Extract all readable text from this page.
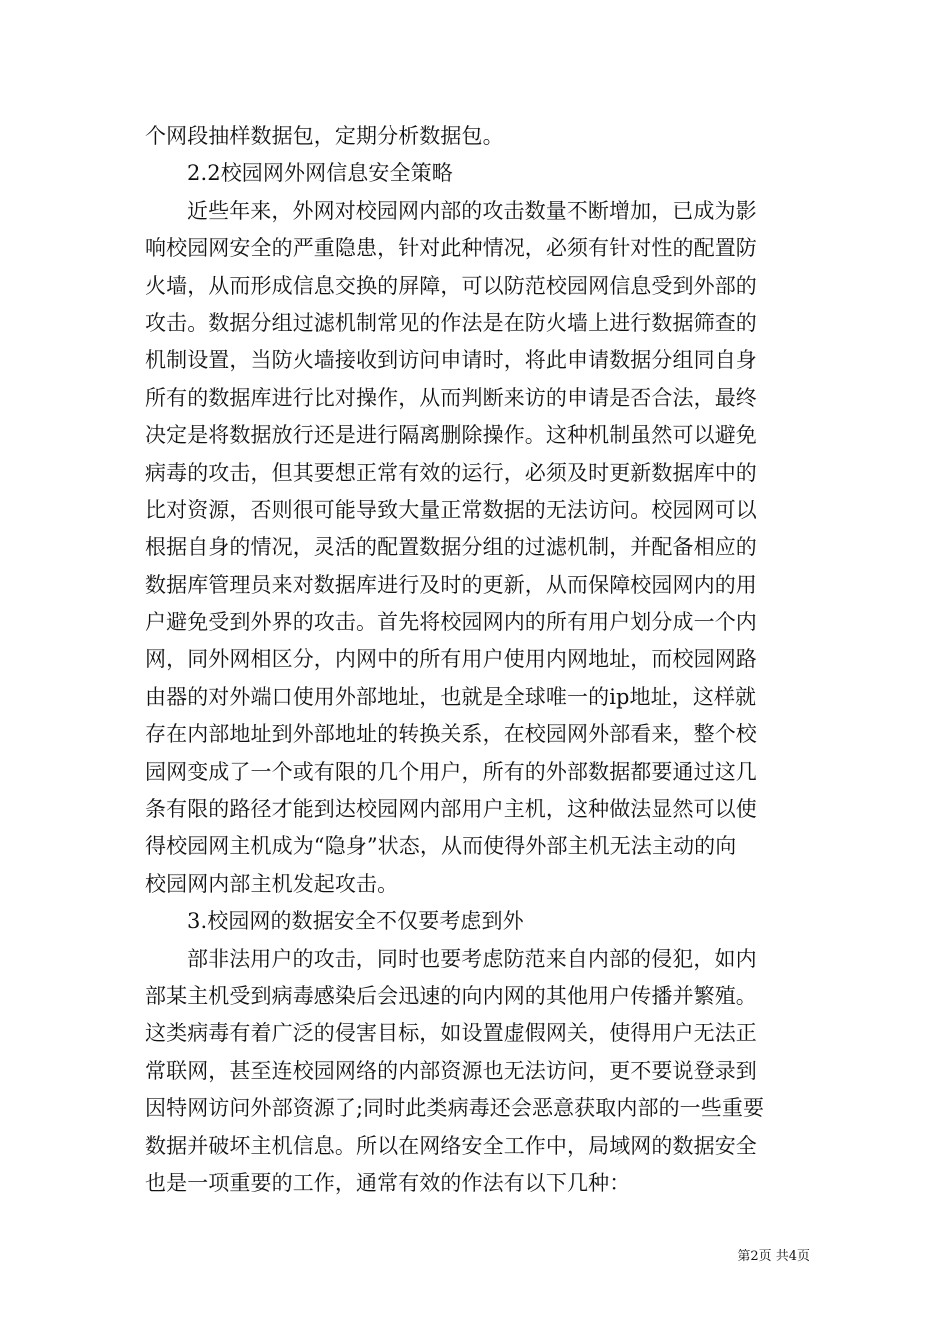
个网段抽样数据包，定期分析数据包。
2.2校园网外网信息安全策略
近些年来，外网对校园网内部的攻击数量不断增加，已成为影
响校园网安全的严重隐患，针对此种情况，必须有针对性的配置防
火墙，从而形成信息交换的屏障，可以防范校园网信息受到外部的
攻击。数据分组过滤机制常见的作法是在防火墙上进行数据筛查的
机制设置，当防火墙接收到访问申请时，将此申请数据分组同自身
所有的数据库进行比对操作，从而判断来访的申请是否合法，最终
决定是将数据放行还是进行隔离删除操作。这种机制虽然可以避免
病毒的攻击，但其要想正常有效的运行，必须及时更新数据库中的
比对资源，否则很可能导致大量正常数据的无法访问。校园网可以
根据自身的情况，灵活的配置数据分组的过滤机制，并配备相应的
数据库管理员来对数据库进行及时的更新，从而保障校园网内的用
户避免受到外界的攻击。首先将校园网内的所有用户划分成一个内
网，同外网相区分，内网中的所有用户使用内网地址，而校园网路
由器的对外端口使用外部地址，也就是全球唯一的ip地址，这样就
存在内部地址到外部地址的转换关系，在校园网外部看来，整个校
园网变成了一个或有限的几个用户，所有的外部数据都要通过这几
条有限的路径才能到达校园网内部用户主机，这种做法显然可以使
得校园网主机成为“隐身”状态，从而使得外部主机无法主动的向
校园网内部主机发起攻击。
3.校园网的数据安全不仅要考虑到外
部非法用户的攻击，同时也要考虑防范来自内部的侵犯，如内
部某主机受到病毒感染后会迅速的向内网的其他用户传播并繁殖。
这类病毒有着广泛的侵害目标，如设置虚假网关，使得用户无法正
常联网，甚至连校园网络的内部资源也无法访问，更不要说登录到
因特网访问外部资源了;同时此类病毒还会恶意获取内部的一些重要
数据并破坏主机信息。所以在网络安全工作中，局域网的数据安全
也是一项重要的工作，通常有效的作法有以下几种：
第2页 共4页
